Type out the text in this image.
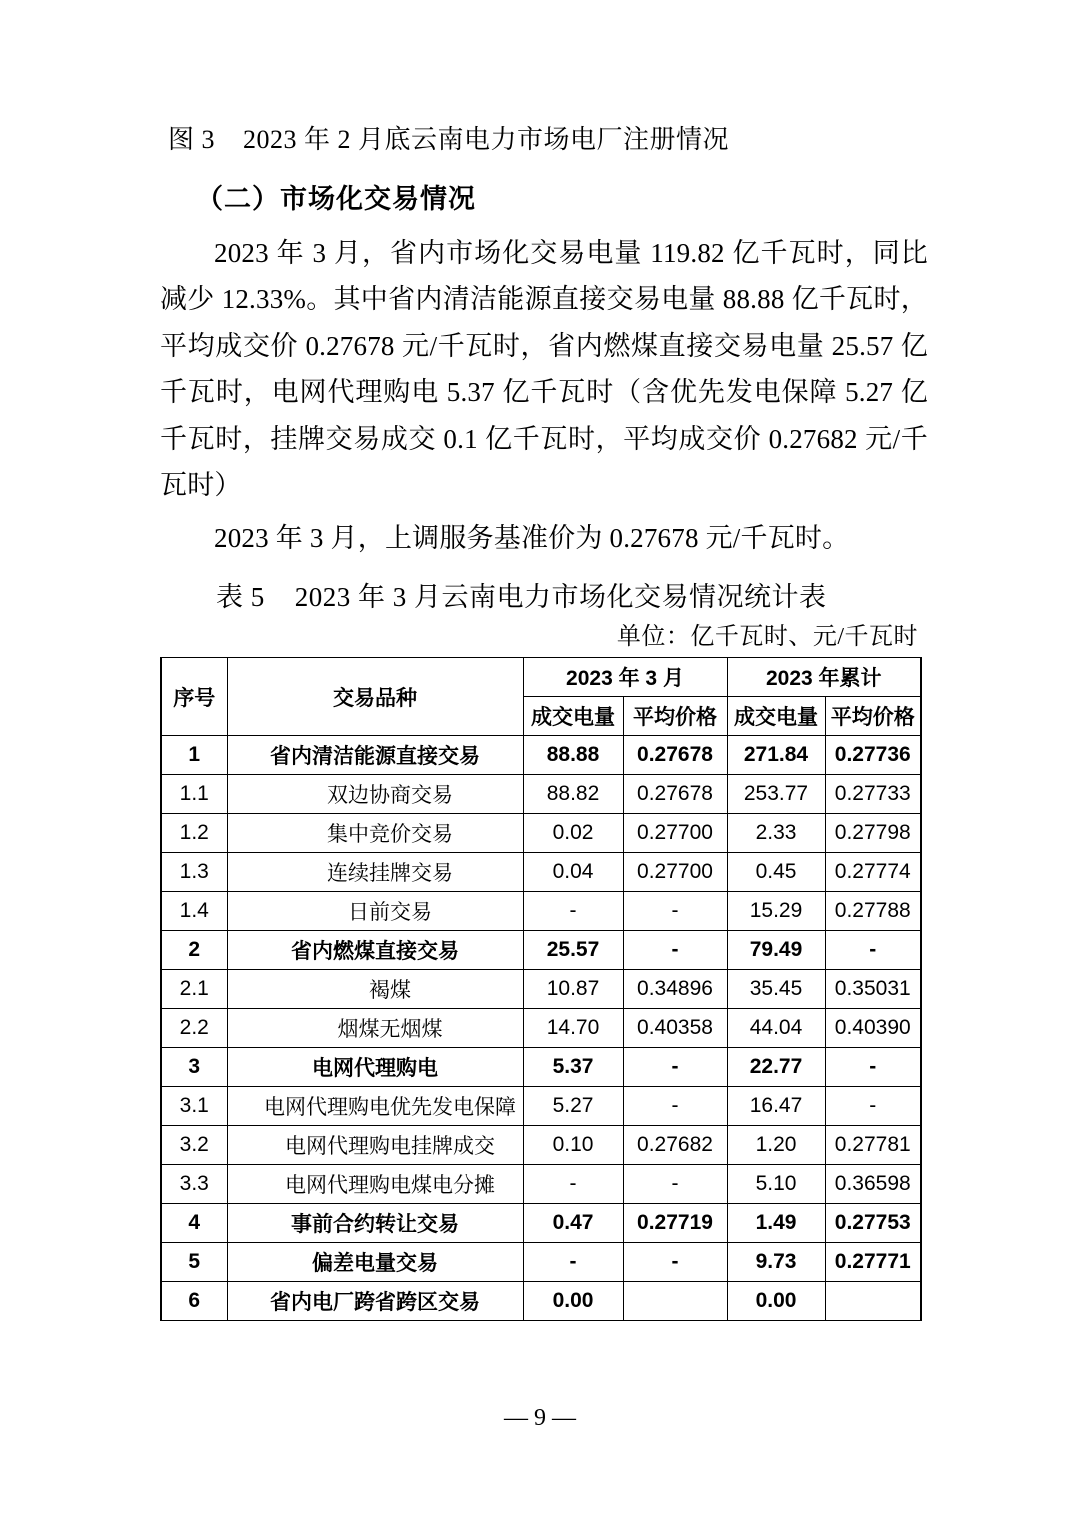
图 3 2023 年 2 月底云南电力市场电厂注册情况
（二）市场化交易情况

2023 年 3 月，省内市场化交易电量 119.82 亿千瓦时，同比减少 12.33%。其中省内清洁能源直接交易电量 88.88 亿千瓦时，平均成交价 0.27678 元/千瓦时，省内燃煤直接交易电量 25.57 亿千瓦时，电网代理购电 5.37 亿千瓦时（含优先发电保障 5.27 亿千瓦时，挂牌交易成交 0.1 亿千瓦时，平均成交价 0.27682 元/千瓦时）

2023 年 3 月，上调服务基准价为 0.27678 元/千瓦时。

表 5 2023 年 3 月云南电力市场化交易情况统计表
单位：亿千瓦时、元/千瓦时
序号	交易品种	2023 年 3 月		2023 年累计	
		成交电量	平均价格	成交电量	平均价格
1	省内清洁能源直接交易	88.88	0.27678	271.84	0.27736
1.1	双边协商交易	88.82	0.27678	253.77	0.27733
1.2	集中竞价交易	0.02	0.27700	2.33	0.27798
1.3	连续挂牌交易	0.04	0.27700	0.45	0.27774
1.4	日前交易	-	-	15.29	0.27788
2	省内燃煤直接交易	25.57	-	79.49	-
2.1	褐煤	10.87	0.34896	35.45	0.35031
2.2	烟煤无烟煤	14.70	0.40358	44.04	0.40390
3	电网代理购电	5.37	-	22.77	-
3.1	电网代理购电优先发电保障	5.27	-	16.47	-
3.2	电网代理购电挂牌成交	0.10	0.27682	1.20	0.27781
3.3	电网代理购电煤电分摊	-	-	5.10	0.36598
4	事前合约转让交易	0.47	0.27719	1.49	0.27753
5	偏差电量交易	-	-	9.73	0.27771
6	省内电厂跨省跨区交易	0.00		0.00	
— 9 —
